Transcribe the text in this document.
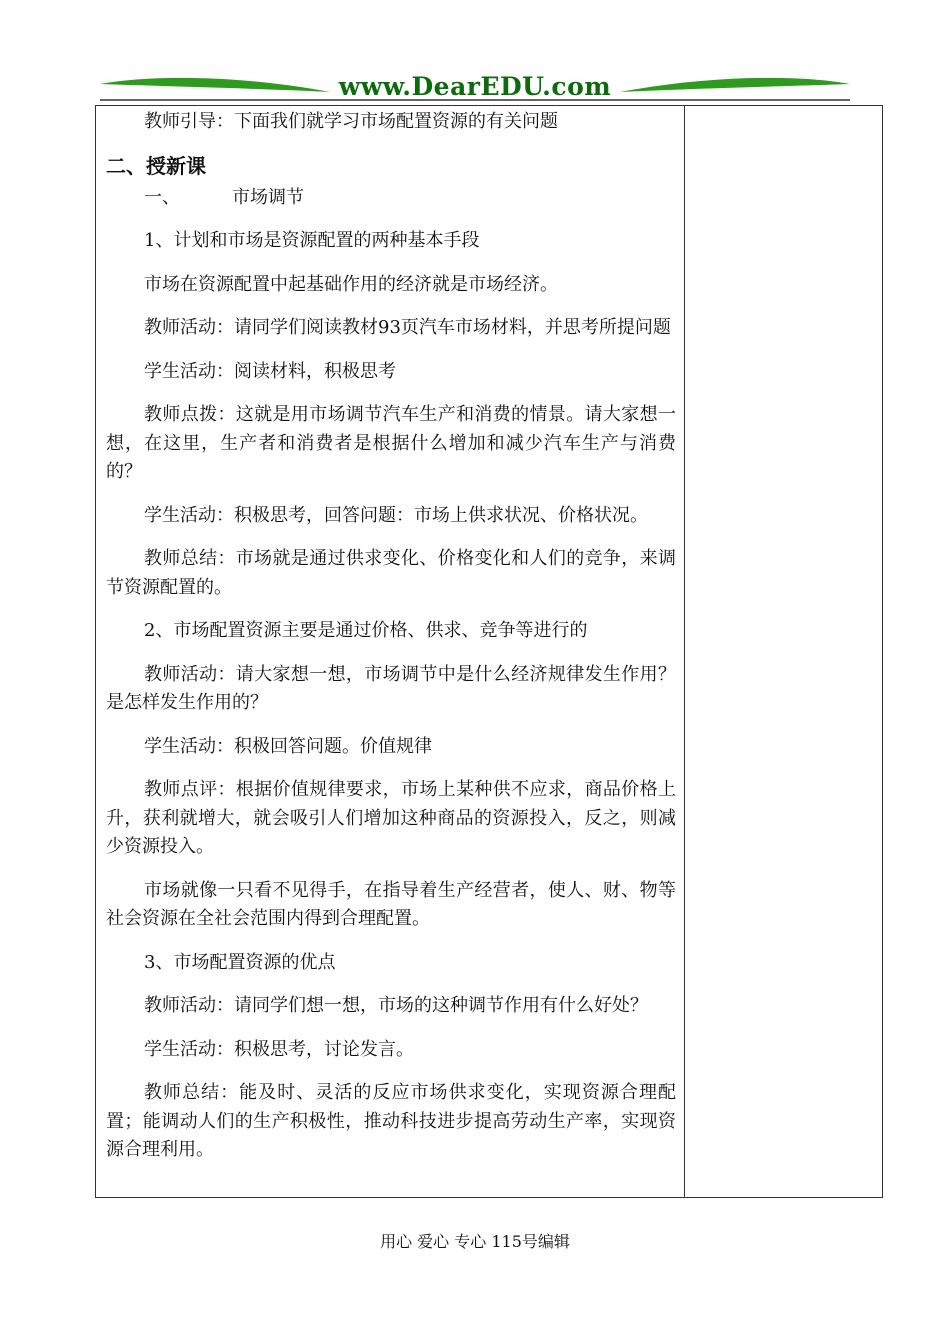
www.DearEDU.com

教师引导：下面我们就学习市场配置资源的有关问题

二、授新课
一、	市场调节

1、计划和市场是资源配置的两种基本手段

市场在资源配置中起基础作用的经济就是市场经济。

教师活动：请同学们阅读教材93页汽车市场材料，并思考所提问题

学生活动：阅读材料，积极思考

教师点拨：这就是用市场调节汽车生产和消费的情景。请大家想一想，在这里，生产者和消费者是根据什么增加和减少汽车生产与消费的？

学生活动：积极思考，回答问题：市场上供求状况、价格状况。

教师总结：市场就是通过供求变化、价格变化和人们的竞争，来调节资源配置的。

2、市场配置资源主要是通过价格、供求、竞争等进行的

教师活动：请大家想一想，市场调节中是什么经济规律发生作用？是怎样发生作用的？

学生活动：积极回答问题。价值规律

教师点评：根据价值规律要求，市场上某种供不应求，商品价格上升，获利就增大，就会吸引人们增加这种商品的资源投入，反之，则减少资源投入。

市场就像一只看不见得手，在指导着生产经营者，使人、财、物等社会资源在全社会范围内得到合理配置。

3、市场配置资源的优点

教师活动：请同学们想一想，市场的这种调节作用有什么好处？

学生活动：积极思考，讨论发言。

教师总结：能及时、灵活的反应市场供求变化，实现资源合理配置；能调动人们的生产积极性，推动科技进步提高劳动生产率，实现资源合理利用。

用心 爱心 专心 115号编辑
